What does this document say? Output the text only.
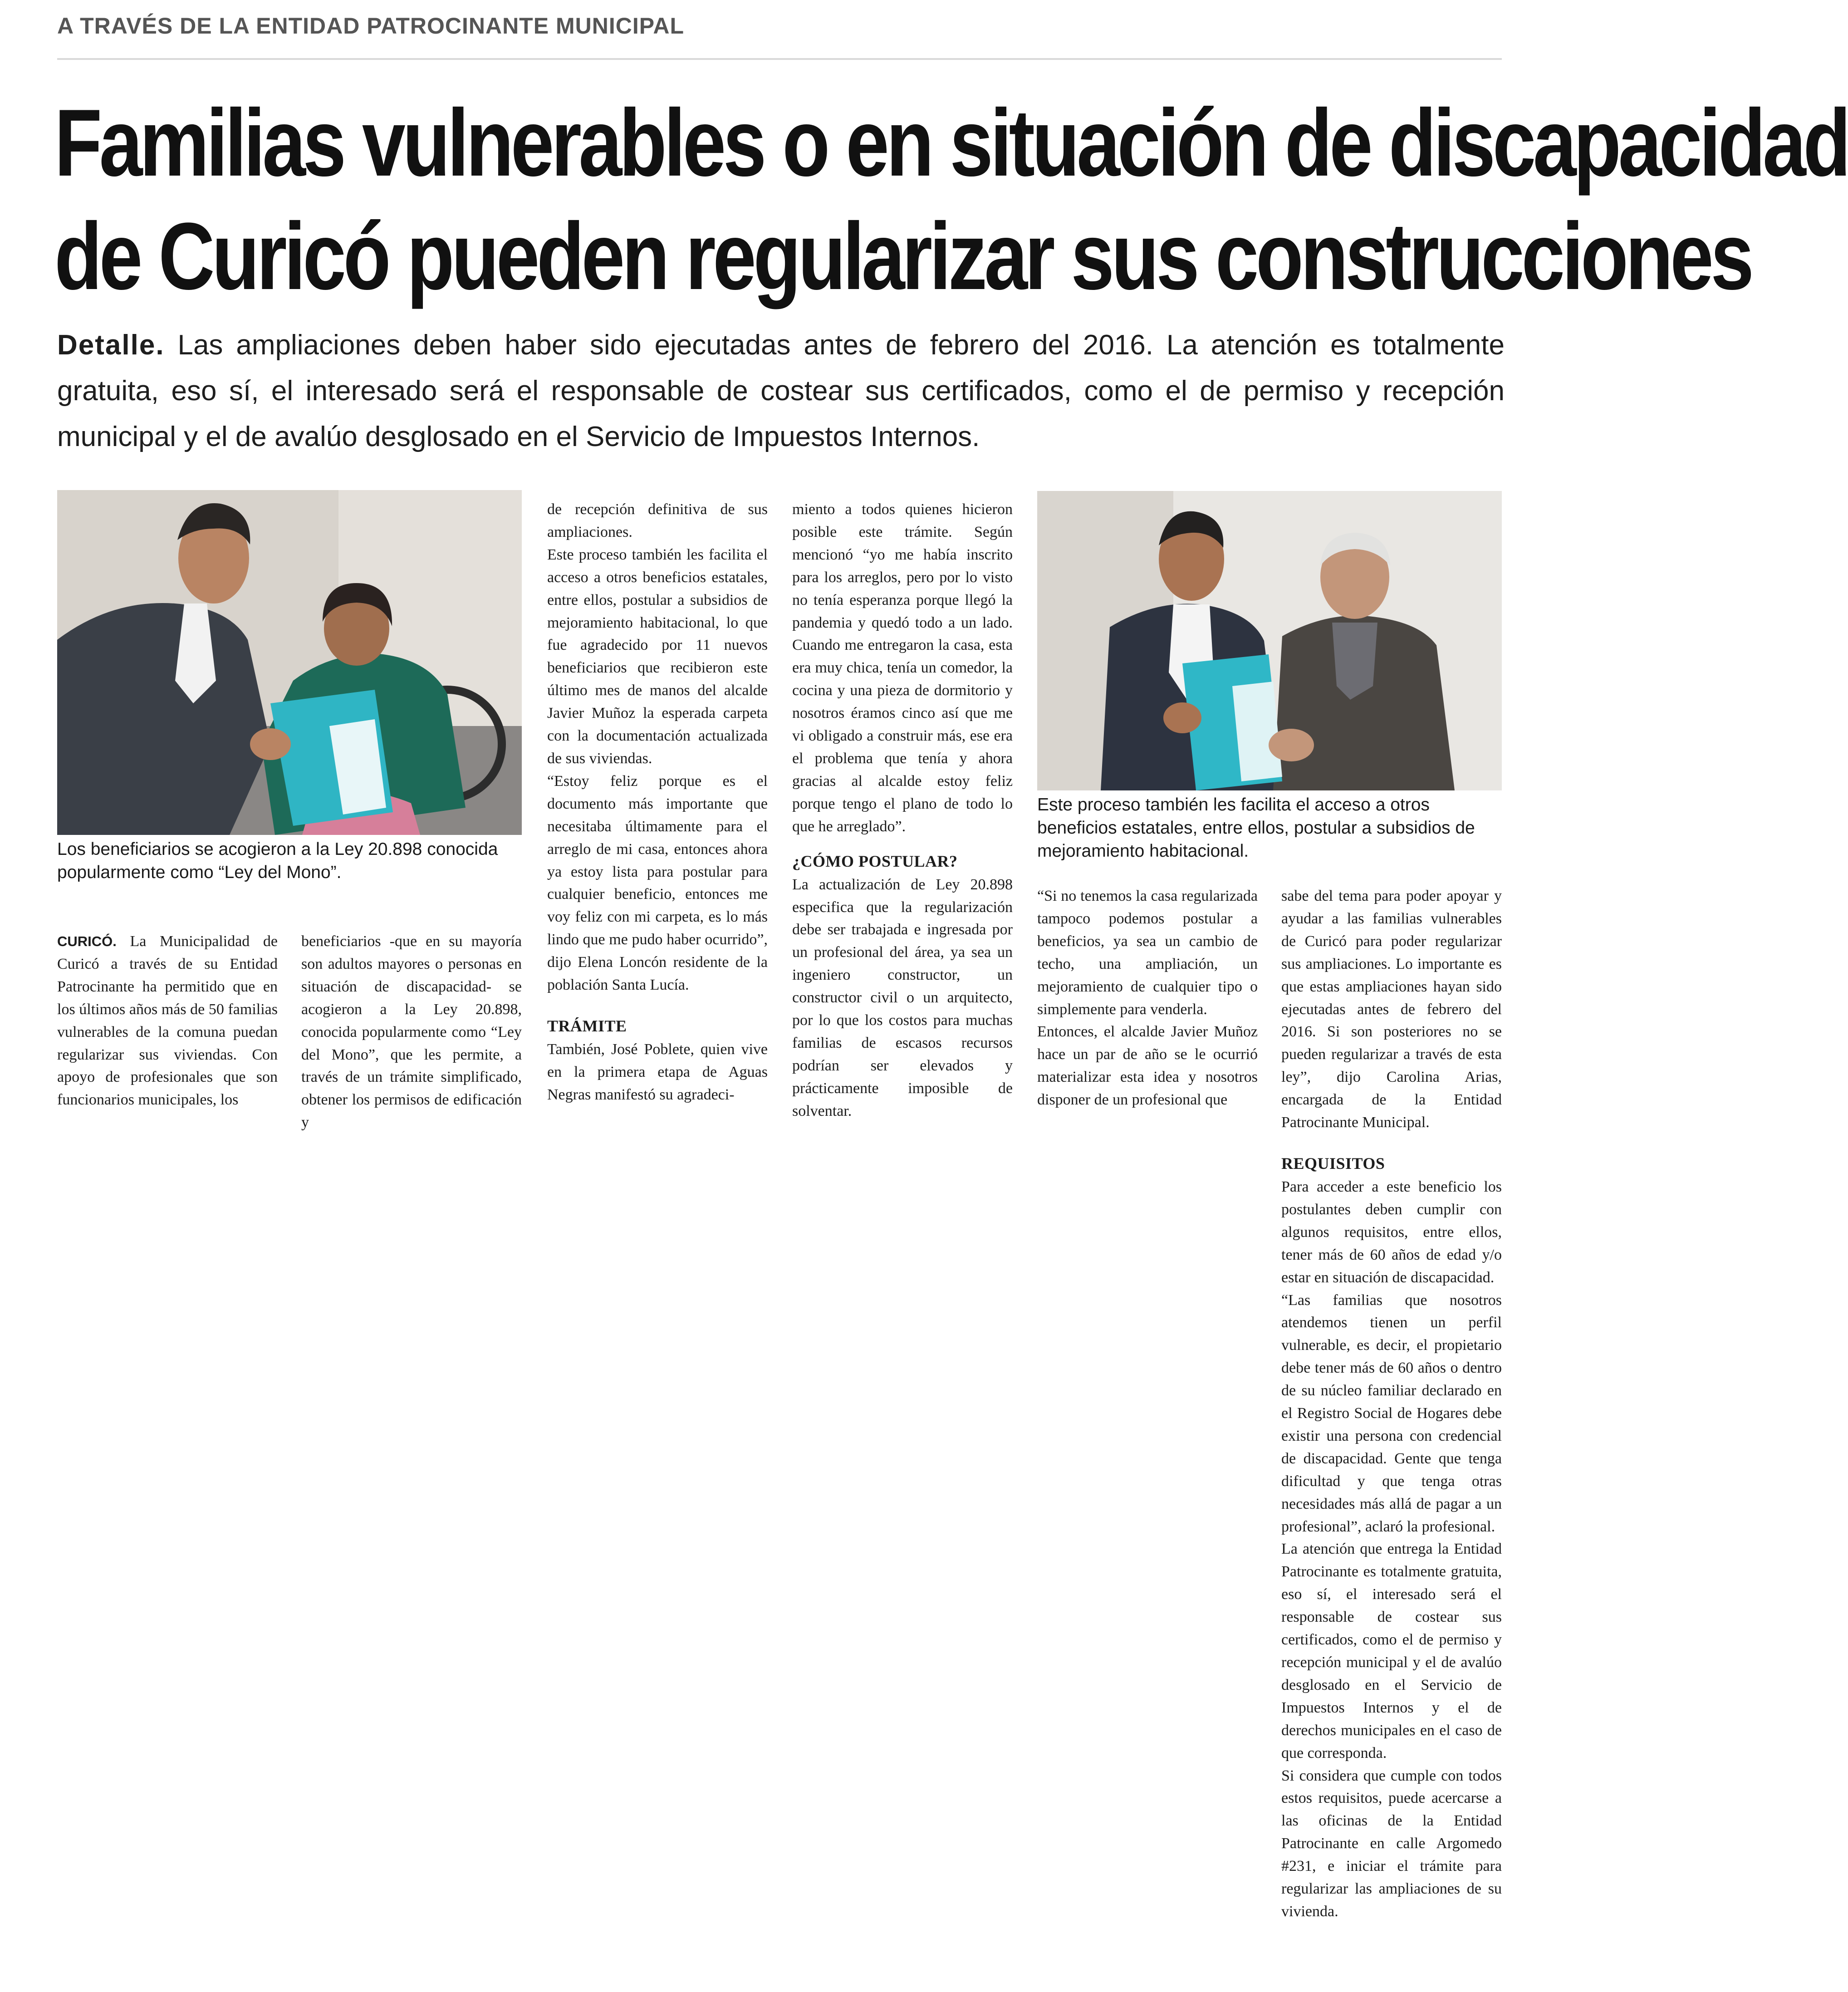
A TRAVÉS DE LA ENTIDAD PATROCINANTE MUNICIPAL
Familias vulnerables o en situación de discapacidad
de Curicó pueden regularizar sus construcciones
Detalle. Las ampliaciones deben haber sido ejecutadas antes de febrero del 2016. La atención es totalmente gratuita, eso sí, el interesado será el responsable de costear sus certificados, como el de permiso y recepción municipal y el de avalúo desglosado en el Servicio de Impuestos Internos.
Los beneficiarios se acogieron a la Ley 20.898 conocida popularmente como “Ley del Mono”.
Este proceso también les facilita el acceso a otros beneficios estatales, entre ellos, postular a subsidios de mejoramiento habitacional.

CURICÓ. La Municipalidad de Curicó a través de su Entidad Patrocinante ha permitido que en los últimos años más de 50 familias vulnerables de la comuna puedan regularizar sus viviendas. Con apoyo de profesionales que son funcionarios municipales, los

beneficiarios -que en su mayoría son adultos mayores o personas en situación de discapacidad- se acogieron a la Ley 20.898, conocida popularmente como “Ley del Mono”, que les permite, a través de un trámite simplificado, obtener los permisos de edificación y

de recepción definitiva de sus ampliaciones.

Este proceso también les facilita el acceso a otros beneficios estatales, entre ellos, postular a subsidios de mejoramiento habitacional, lo que fue agradecido por 11 nuevos beneficiarios que recibieron este último mes de manos del alcalde Javier Muñoz la esperada carpeta con la documentación actualizada de sus viviendas.

“Estoy feliz porque es el documento más importante que necesitaba últimamente para el arreglo de mi casa, entonces ahora ya estoy lista para postular para cualquier beneficio, entonces me voy feliz con mi carpeta, es lo más lindo que me pudo haber ocurrido”, dijo Elena Loncón residente de la población Santa Lucía.

TRÁMITE

También, José Poblete, quien vive en la primera etapa de Aguas Negras manifestó su agradeci-

miento a todos quienes hicieron posible este trámite. Según mencionó “yo me había inscrito para los arreglos, pero por lo visto no tenía esperanza porque llegó la pandemia y quedó todo a un lado. Cuando me entregaron la casa, esta era muy chica, tenía un comedor, la cocina y una pieza de dormitorio y nosotros éramos cinco así que me vi obligado a construir más, ese era el problema que tenía y ahora gracias al alcalde estoy feliz porque tengo el plano de todo lo que he arreglado”.

¿CÓMO POSTULAR?

La actualización de Ley 20.898 especifica que la regularización debe ser trabajada e ingresada por un profesional del área, ya sea un ingeniero constructor, un constructor civil o un arquitecto, por lo que los costos para muchas familias de escasos recursos podrían ser elevados y prácticamente imposible de solventar.

“Si no tenemos la casa regularizada tampoco podemos postular a beneficios, ya sea un cambio de techo, una ampliación, un mejoramiento de cualquier tipo o simplemente para venderla.

Entonces, el alcalde Javier Muñoz hace un par de año se le ocurrió materializar esta idea y nosotros disponer de un profesional que

sabe del tema para poder apoyar y ayudar a las familias vulnerables de Curicó para poder regularizar sus ampliaciones. Lo importante es que estas ampliaciones hayan sido ejecutadas antes de febrero del 2016. Si son posteriores no se pueden regularizar a través de esta ley”, dijo Carolina Arias, encargada de la Entidad Patrocinante Municipal.

REQUISITOS

Para acceder a este beneficio los postulantes deben cumplir con algunos requisitos, entre ellos, tener más de 60 años de edad y/o estar en situación de discapacidad.

“Las familias que nosotros atendemos tienen un perfil vulnerable, es decir, el propietario debe tener más de 60 años o dentro de su núcleo familiar declarado en el Registro Social de Hogares debe existir una persona con credencial de discapacidad. Gente que tenga dificultad y que tenga otras necesidades más allá de pagar a un profesional”, aclaró la profesional.

La atención que entrega la Entidad Patrocinante es totalmente gratuita, eso sí, el interesado será el responsable de costear sus certificados, como el de permiso y recepción municipal y el de avalúo desglosado en el Servicio de Impuestos Internos y el de derechos municipales en el caso de que corresponda.

Si considera que cumple con todos estos requisitos, puede acercarse a las oficinas de la Entidad Patrocinante en calle Argomedo #231, e iniciar el trámite para regularizar las ampliaciones de su vivienda.
